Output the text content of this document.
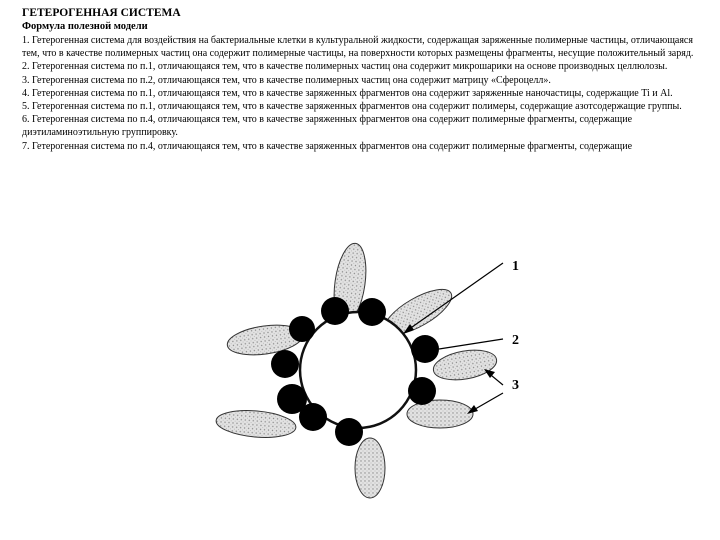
ГЕТЕРОГЕННАЯ СИСТЕМА

Формула полезной модели

1. Гетерогенная система для воздействия на бактериальные клетки в культуральной жидкости, содержащая заряженные полимерные частицы, отличающаяся тем, что в качестве полимерных частиц она содержит полимерные частицы, на поверхности которых размещены фрагменты, несущие положительный заряд.

2. Гетерогенная система по п.1, отличающаяся тем, что в качестве полимерных частиц она содержит микрошарики на основе производных целлюлозы.

3. Гетерогенная система по п.2, отличающаяся тем, что в качестве полимерных частиц она содержит матрицу «Сфероцелл».

4. Гетерогенная система по п.1, отличающаяся тем, что в качестве заряженных фрагментов она содержит заряженные наночастицы, содержащие Ti и Al.

5. Гетерогенная система по п.1, отличающаяся тем, что в качестве заряженных фрагментов она содержит полимеры, содержащие азотсодержащие группы.

6. Гетерогенная система по п.4, отличающаяся тем, что в качестве заряженных фрагментов она содержит полимерные фрагменты, содержащие диэтиламиноэтильную группировку.

7. Гетерогенная система по п.4, отличающаяся тем, что в качестве заряженных фрагментов она содержит полимерные фрагменты, содержащие

1
2
3
